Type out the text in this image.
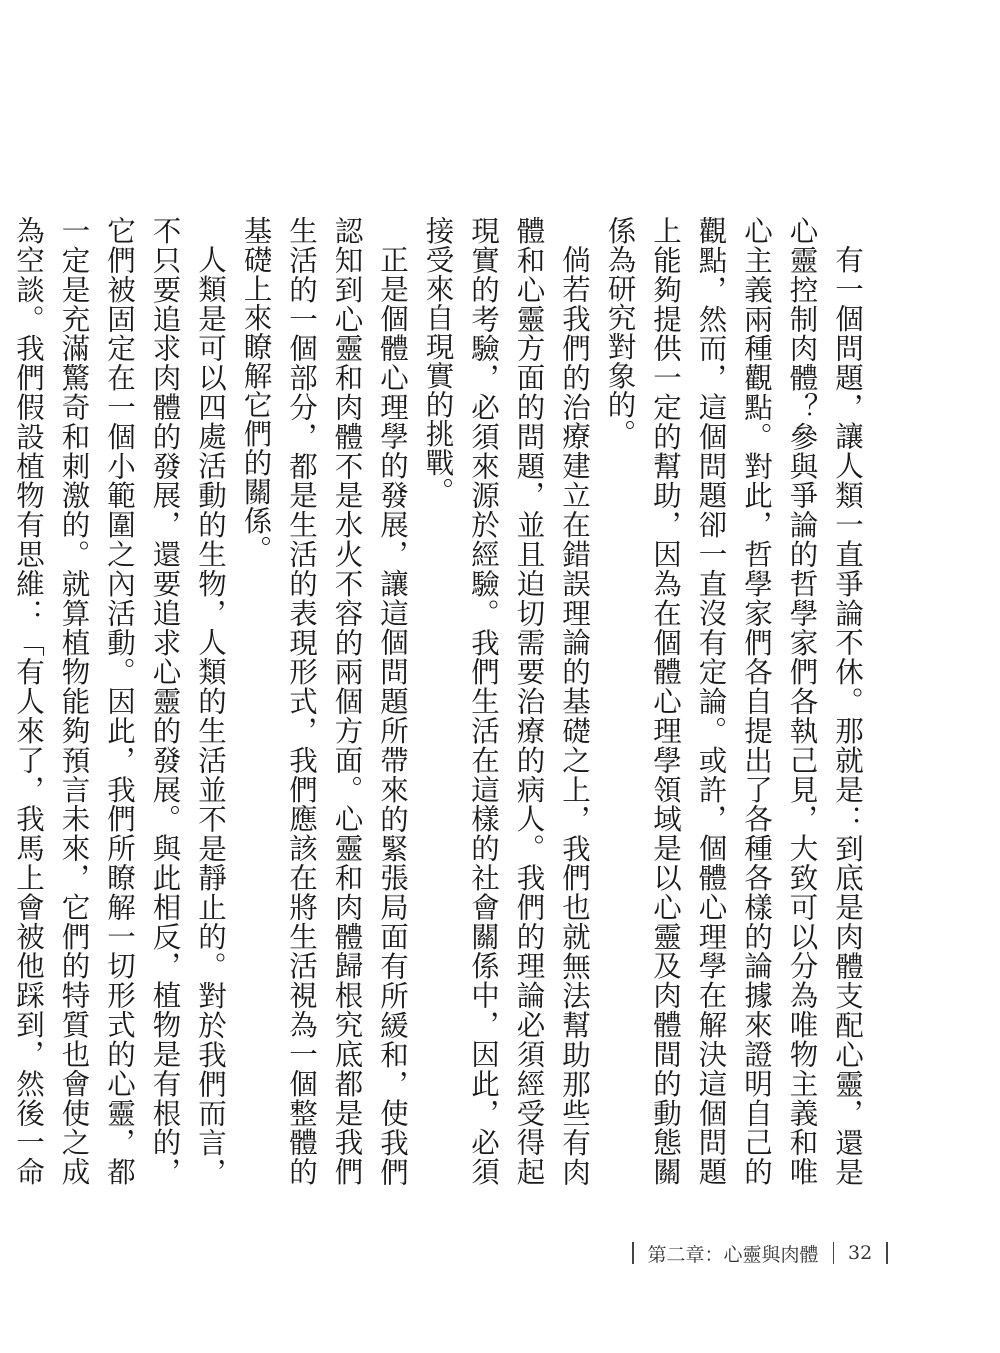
有一個問題，讓人類一直爭論不休。那就是：到底是肉體支配心靈，還是心靈控制肉體？參與爭論的哲學家們各執己見，大致可以分為唯物主義和唯心主義兩種觀點。對此，哲學家們各自提出了各種各樣的論據來證明自己的觀點，然而，這個問題卻一直沒有定論。或許，個體心理學在解決這個問題上能夠提供一定的幫助，因為在個體心理學領域是以心靈及肉體間的動態關係為研究對象的。

倘若我們的治療建立在錯誤理論的基礎之上，我們也就無法幫助那些有肉體和心靈方面的問題，並且迫切需要治療的病人。我們的理論必須經受得起現實的考驗，必須來源於經驗。我們生活在這樣的社會關係中，因此，必須接受來自現實的挑戰。

正是個體心理學的發展，讓這個問題所帶來的緊張局面有所緩和，使我們認知到心靈和肉體不是水火不容的兩個方面。心靈和肉體歸根究底都是我們生活的一個部分，都是生活的表現形式，我們應該在將生活視為一個整體的基礎上來瞭解它們的關係。

人類是可以四處活動的生物，人類的生活並不是靜止的。對於我們而言，不只要追求肉體的發展，還要追求心靈的發展。與此相反，植物是有根的，它們被固定在一個小範圍之內活動。因此，我們所瞭解一切形式的心靈，都一定是充滿驚奇和刺激的。就算植物能夠預言未來，它們的特質也會使之成為空談。我們假設植物有思維：「有人來了，我馬上會被他踩到，然後一命

第二章：心靈與肉體 32
